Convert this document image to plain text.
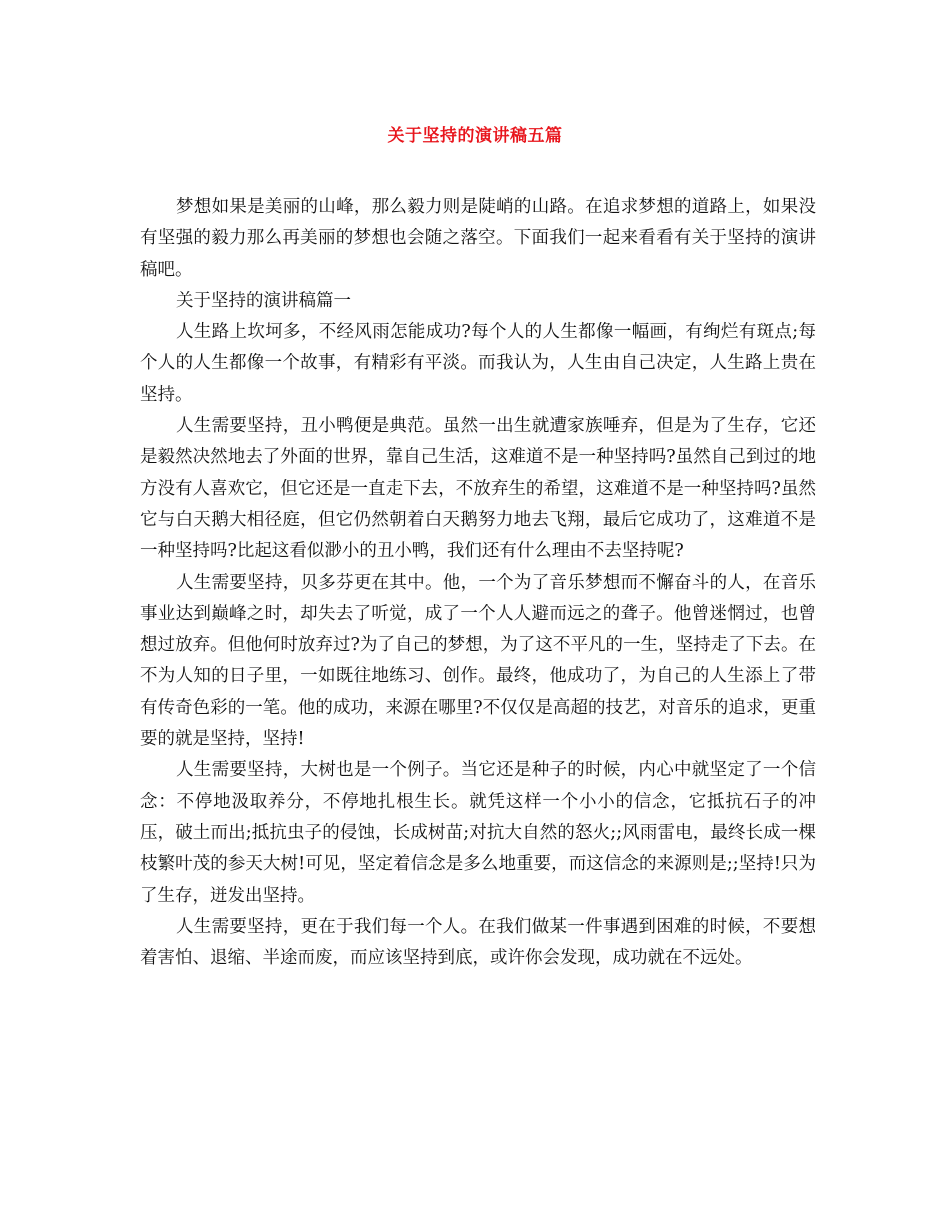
关于坚持的演讲稿五篇

梦想如果是美丽的山峰，那么毅力则是陡峭的山路。在追求梦想的道路上，如果没有坚强的毅力那么再美丽的梦想也会随之落空。下面我们一起来看看有关于坚持的演讲稿吧。

关于坚持的演讲稿篇一

人生路上坎坷多，不经风雨怎能成功?每个人的人生都像一幅画，有绚烂有斑点;每个人的人生都像一个故事，有精彩有平淡。而我认为，人生由自己决定，人生路上贵在坚持。

人生需要坚持，丑小鸭便是典范。虽然一出生就遭家族唾弃，但是为了生存，它还是毅然决然地去了外面的世界，靠自己生活，这难道不是一种坚持吗?虽然自己到过的地方没有人喜欢它，但它还是一直走下去，不放弃生的希望，这难道不是一种坚持吗?虽然它与白天鹅大相径庭，但它仍然朝着白天鹅努力地去飞翔，最后它成功了，这难道不是一种坚持吗?比起这看似渺小的丑小鸭，我们还有什么理由不去坚持呢?

人生需要坚持，贝多芬更在其中。他，一个为了音乐梦想而不懈奋斗的人，在音乐事业达到巅峰之时，却失去了听觉，成了一个人人避而远之的聋子。他曾迷惘过，也曾想过放弃。但他何时放弃过?为了自己的梦想，为了这不平凡的一生，坚持走了下去。在不为人知的日子里，一如既往地练习、创作。最终，他成功了，为自己的人生添上了带有传奇色彩的一笔。他的成功，来源在哪里?不仅仅是高超的技艺，对音乐的追求，更重要的就是坚持，坚持!

人生需要坚持，大树也是一个例子。当它还是种子的时候，内心中就坚定了一个信念：不停地汲取养分，不停地扎根生长。就凭这样一个小小的信念，它抵抗石子的冲压，破土而出;抵抗虫子的侵蚀，长成树苗;对抗大自然的怒火;;风雨雷电，最终长成一棵枝繁叶茂的参天大树!可见，坚定着信念是多么地重要，而这信念的来源则是;;坚持!只为了生存，迸发出坚持。

人生需要坚持，更在于我们每一个人。在我们做某一件事遇到困难的时候，不要想着害怕、退缩、半途而废，而应该坚持到底，或许你会发现，成功就在不远处。
